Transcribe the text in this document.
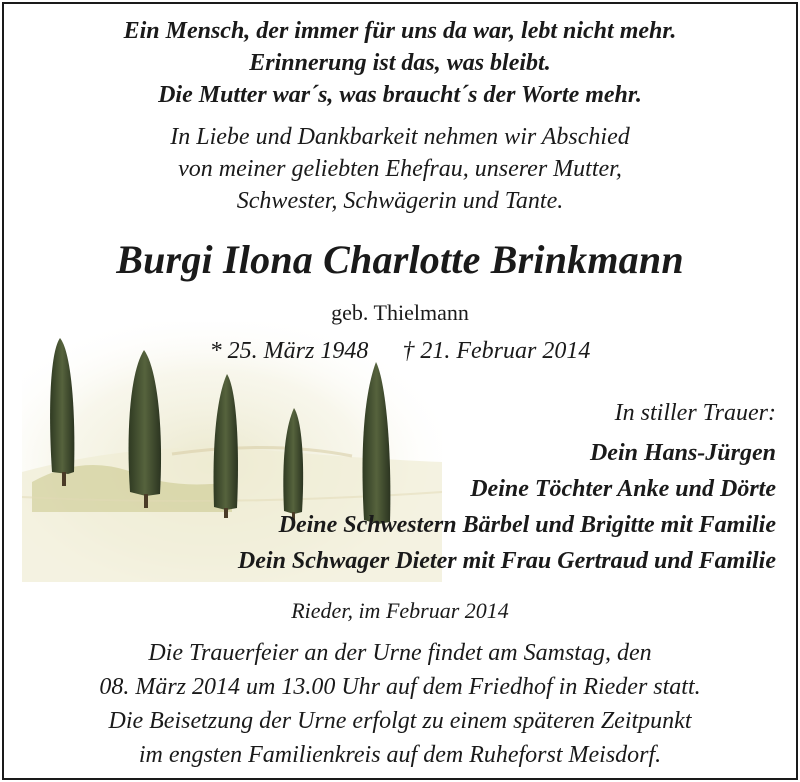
Ein Mensch, der immer für uns da war, lebt nicht mehr.
Erinnerung ist das, was bleibt.
Die Mutter war´s, was braucht´s der Worte mehr.
In Liebe und Dankbarkeit nehmen wir Abschied
von meiner geliebten Ehefrau, unserer Mutter,
Schwester, Schwägerin und Tante.
Burgi Ilona Charlotte Brinkmann
geb. Thielmann
* 25. März 1948 † 21. Februar 2014
In stiller Trauer:
Dein Hans-Jürgen
Deine Töchter Anke und Dörte
Deine Schwestern Bärbel und Brigitte mit Familie
Dein Schwager Dieter mit Frau Gertraud und Familie
Rieder, im Februar 2014
Die Trauerfeier an der Urne findet am Samstag, den
08. März 2014 um 13.00 Uhr auf dem Friedhof in Rieder statt.
Die Beisetzung der Urne erfolgt zu einem späteren Zeitpunkt
im engsten Familienkreis auf dem Ruheforst Meisdorf.
